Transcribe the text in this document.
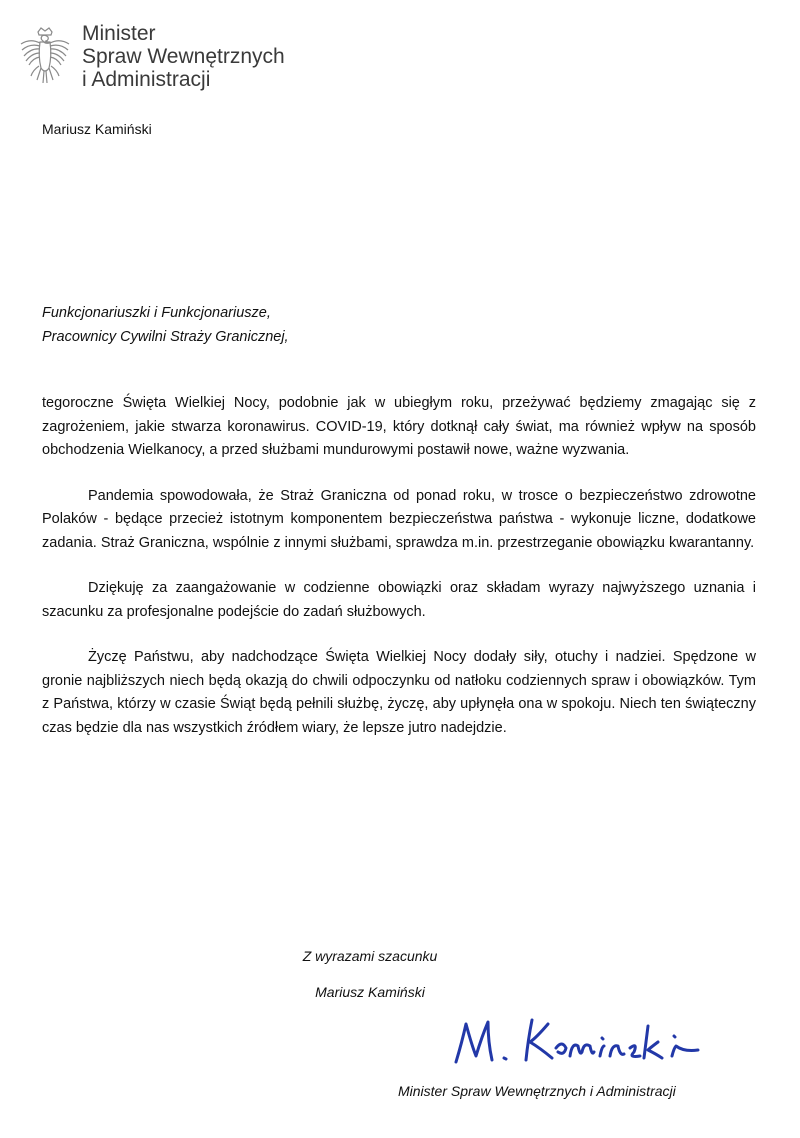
Minister
Spraw Wewnętrznych
i Administracji
Mariusz Kamiński
Funkcjonariuszki i Funkcjonariusze,
Pracownicy Cywilni Straży Granicznej,

tegoroczne Święta Wielkiej Nocy, podobnie jak w ubiegłym roku, przeżywać będziemy zmagając się z zagrożeniem, jakie stwarza koronawirus. COVID-19, który dotknął cały świat, ma również wpływ na sposób obchodzenia Wielkanocy, a przed służbami mundurowymi postawił nowe, ważne wyzwania.

Pandemia spowodowała, że Straż Graniczna od ponad roku, w trosce o bezpieczeństwo zdrowotne Polaków - będące przecież istotnym komponentem bezpieczeństwa państwa - wykonuje liczne, dodatkowe zadania. Straż Graniczna, wspólnie z innymi służbami, sprawdza m.in. przestrzeganie obowiązku kwarantanny.

Dziękuję za zaangażowanie w codzienne obowiązki oraz składam wyrazy najwyższego uznania i szacunku za profesjonalne podejście do zadań służbowych.

Życzę Państwu, aby nadchodzące Święta Wielkiej Nocy dodały siły, otuchy i nadziei. Spędzone w gronie najbliższych niech będą okazją do chwili odpoczynku od natłoku codziennych spraw i obowiązków. Tym z Państwa, którzy w czasie Świąt będą pełnili służbę, życzę, aby upłynęła ona w spokoju. Niech ten świąteczny czas będzie dla nas wszystkich źródłem wiary, że lepsze jutro nadejdzie.

Z wyrazami szacunku
Mariusz Kamiński
Minister Spraw Wewnętrznych i Administracji
